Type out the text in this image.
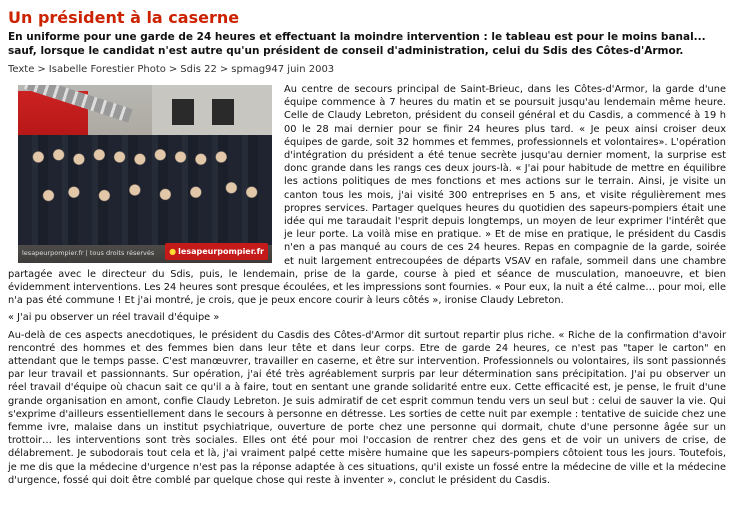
Un président à la caserne

En uniforme pour une garde de 24 heures et effectuant la moindre intervention : le tableau est pour le moins banal... sauf, lorsque le candidat n'est autre qu'un président de conseil d'administration, celui du Sdis des Côtes-d'Armor.

Texte > Isabelle Forestier Photo > Sdis 22 > spmag947 juin 2003
lesapeurpompier.fr | tous droits réservés	● lesapeurpompier.fr

Au centre de secours principal de Saint-Brieuc, dans les Côtes-d'Armor, la garde d'une équipe commence à 7 heures du matin et se poursuit jusqu'au lendemain même heure. Celle de Claudy Lebreton, président du conseil général et du Casdis, a commencé à 19 h 00 le 28 mai dernier pour se finir 24 heures plus tard. « Je peux ainsi croiser deux équipes de garde, soit 32 hommes et femmes, professionnels et volontaires». L'opération d'intégration du président a été tenue secrète jusqu'au dernier moment, la surprise est donc grande dans les rangs ces deux jours-là. « J'ai pour habitude de mettre en équilibre les actions politiques de mes fonctions et mes actions sur le terrain. Ainsi, je visite un canton tous les mois, j'ai visité 300 entreprises en 5 ans, et visite régulièrement mes propres services. Partager quelques heures du quotidien des sapeurs-pompiers était une idée qui me taraudait l'esprit depuis longtemps, un moyen de leur exprimer l'intérêt que je leur porte. La voilà mise en pratique. » Et de mise en pratique, le président du Casdis n'en a pas manqué au cours de ces 24 heures. Repas en compagnie de la garde, soirée et nuit largement entrecoupées de départs VSAV en rafale, sommeil dans une chambre partagée avec le directeur du Sdis, puis, le lendemain, prise de la garde, course à pied et séance de musculation, manoeuvre, et bien évidemment interventions. Les 24 heures sont presque écoulées, et les impressions sont fournies. « Pour eux, la nuit a été calme… pour moi, elle n'a pas été commune ! Et j'ai montré, je crois, que je peux encore courir à leurs côtés », ironise Claudy Lebreton.

« J'ai pu observer un réel travail d'équipe »

Au-delà de ces aspects anecdotiques, le président du Casdis des Côtes-d'Armor dit surtout repartir plus riche. « Riche de la confirmation d'avoir rencontré des hommes et des femmes bien dans leur tête et dans leur corps. Etre de garde 24 heures, ce n'est pas "taper le carton" en attendant que le temps passe. C'est manœuvrer, travailler en caserne, et être sur intervention. Professionnels ou volontaires, ils sont passionnés par leur travail et passionnants. Sur opération, j'ai été très agréablement surpris par leur détermination sans précipitation. J'ai pu observer un réel travail d'équipe où chacun sait ce qu'il a à faire, tout en sentant une grande solidarité entre eux. Cette efficacité est, je pense, le fruit d'une grande organisation en amont, confie Claudy Lebreton. Je suis admiratif de cet esprit commun tendu vers un seul but : celui de sauver la vie. Qui s'exprime d'ailleurs essentiellement dans le secours à personne en détresse. Les sorties de cette nuit par exemple : tentative de suicide chez une femme ivre, malaise dans un institut psychiatrique, ouverture de porte chez une personne qui dormait, chute d'une personne âgée sur un trottoir… les interventions sont très sociales. Elles ont été pour moi l'occasion de rentrer chez des gens et de voir un univers de crise, de délabrement. Je subodorais tout cela et là, j'ai vraiment palpé cette misère humaine que les sapeurs-pompiers côtoient tous les jours. Toutefois, je me dis que la médecine d'urgence n'est pas la réponse adaptée à ces situations, qu'il existe un fossé entre la médecine de ville et la médecine d'urgence, fossé qui doit être comblé par quelque chose qui reste à inventer », conclut le président du Casdis.
